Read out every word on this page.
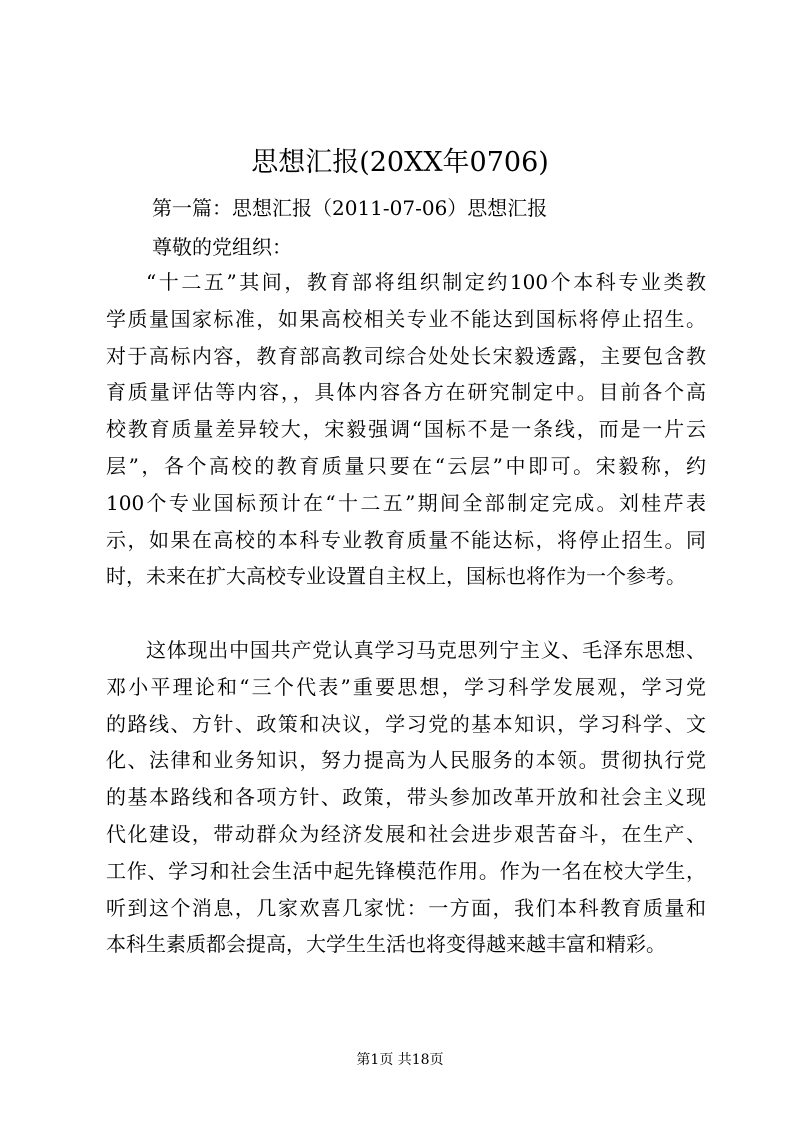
思想汇报(20XX年0706)

第一篇：思想汇报（2011-07-06）思想汇报

尊敬的党组织：

“十二五”其间，教育部将组织制定约100个本科专业类教
学质量国家标准，如果高校相关专业不能达到国标将停止招生。
对于高标内容，教育部高教司综合处处长宋毅透露，主要包含教
育质量评估等内容，，具体内容各方在研究制定中。目前各个高
校教育质量差异较大，宋毅强调“国标不是一条线，而是一片云
层”，各个高校的教育质量只要在“云层”中即可。宋毅称，约
100个专业国标预计在“十二五”期间全部制定完成。刘桂芹表
示，如果在高校的本科专业教育质量不能达标，将停止招生。同
时，未来在扩大高校专业设置自主权上，国标也将作为一个参考。
这体现出中国共产党认真学习马克思列宁主义、毛泽东思想、
邓小平理论和“三个代表”重要思想，学习科学发展观，学习党
的路线、方针、政策和决议，学习党的基本知识，学习科学、文
化、法律和业务知识，努力提高为人民服务的本领。贯彻执行党
的基本路线和各项方针、政策，带头参加改革开放和社会主义现
代化建设，带动群众为经济发展和社会进步艰苦奋斗，在生产、
工作、学习和社会生活中起先锋模范作用。作为一名在校大学生，
听到这个消息，几家欢喜几家忧：一方面，我们本科教育质量和
本科生素质都会提高，大学生生活也将变得越来越丰富和精彩。
第1页 共18页
